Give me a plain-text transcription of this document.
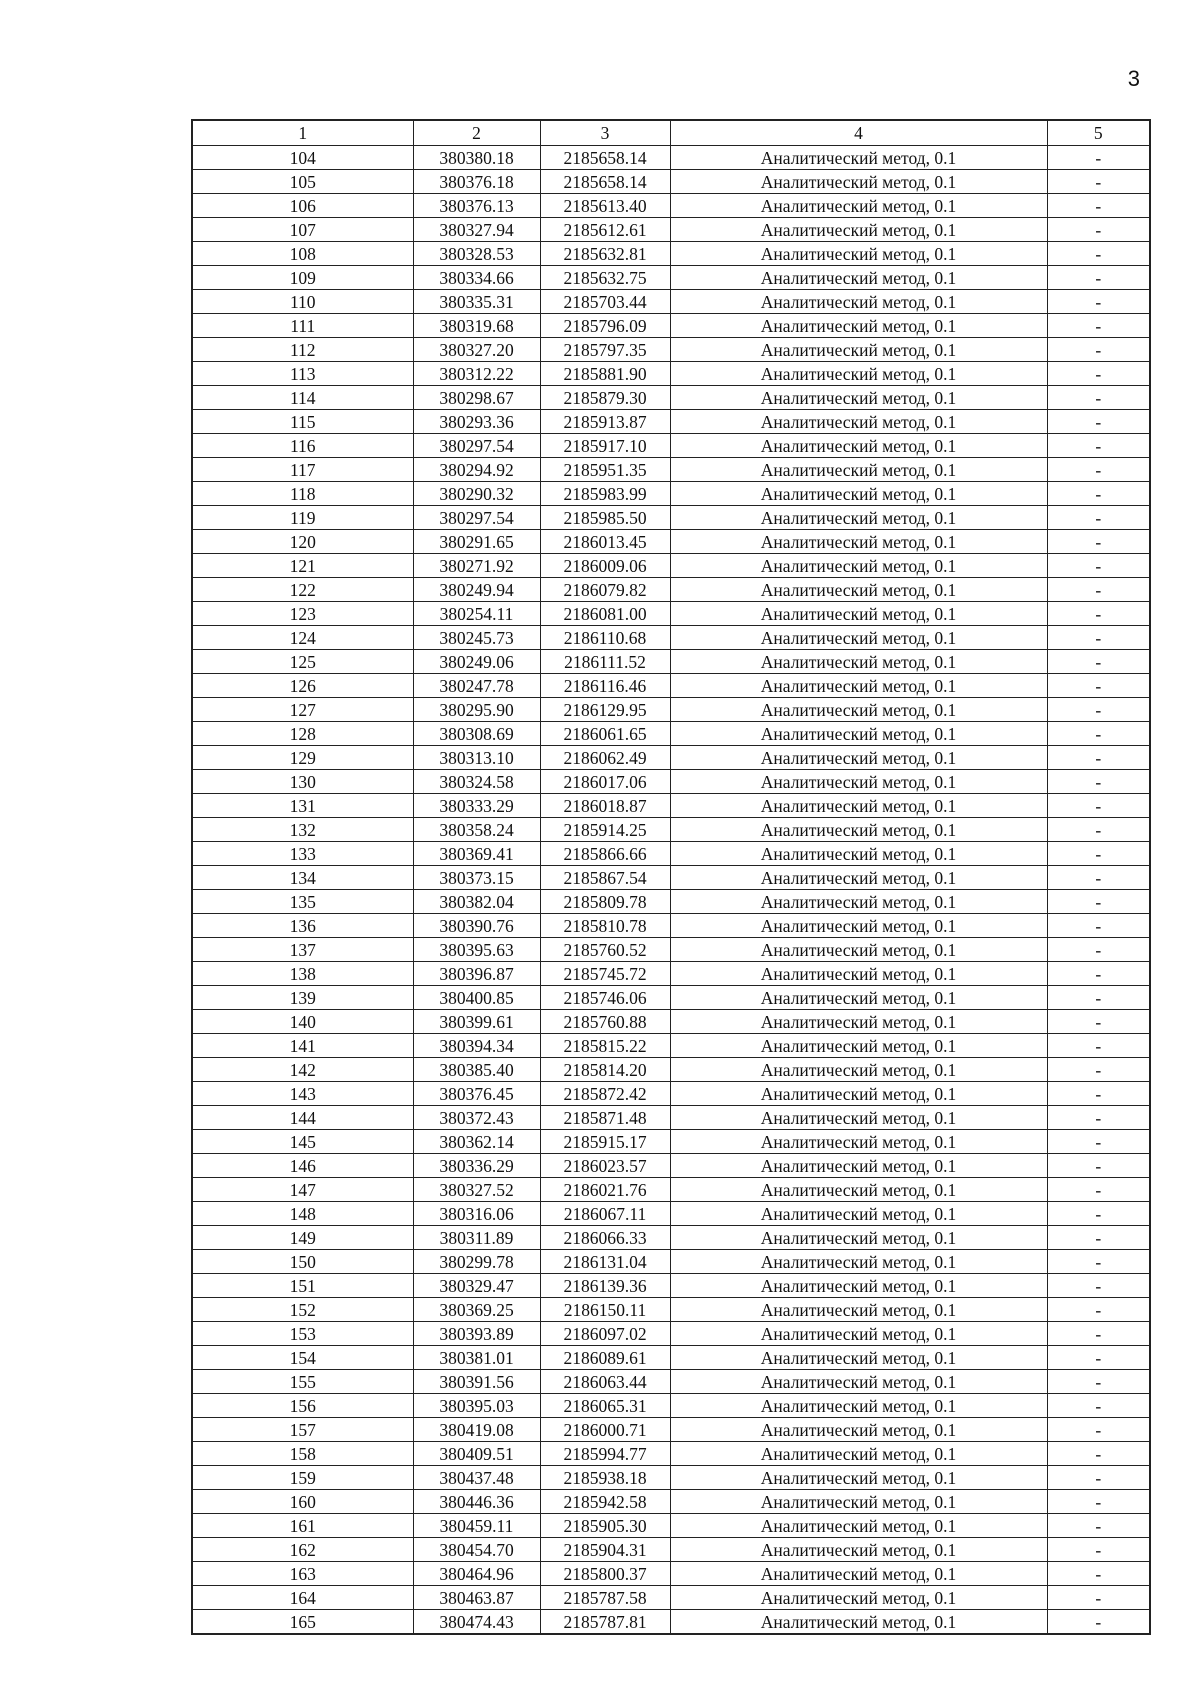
3
1	2	3	4	5
104	380380.18	2185658.14	Аналитический метод, 0.1	-
105	380376.18	2185658.14	Аналитический метод, 0.1	-
106	380376.13	2185613.40	Аналитический метод, 0.1	-
107	380327.94	2185612.61	Аналитический метод, 0.1	-
108	380328.53	2185632.81	Аналитический метод, 0.1	-
109	380334.66	2185632.75	Аналитический метод, 0.1	-
110	380335.31	2185703.44	Аналитический метод, 0.1	-
111	380319.68	2185796.09	Аналитический метод, 0.1	-
112	380327.20	2185797.35	Аналитический метод, 0.1	-
113	380312.22	2185881.90	Аналитический метод, 0.1	-
114	380298.67	2185879.30	Аналитический метод, 0.1	-
115	380293.36	2185913.87	Аналитический метод, 0.1	-
116	380297.54	2185917.10	Аналитический метод, 0.1	-
117	380294.92	2185951.35	Аналитический метод, 0.1	-
118	380290.32	2185983.99	Аналитический метод, 0.1	-
119	380297.54	2185985.50	Аналитический метод, 0.1	-
120	380291.65	2186013.45	Аналитический метод, 0.1	-
121	380271.92	2186009.06	Аналитический метод, 0.1	-
122	380249.94	2186079.82	Аналитический метод, 0.1	-
123	380254.11	2186081.00	Аналитический метод, 0.1	-
124	380245.73	2186110.68	Аналитический метод, 0.1	-
125	380249.06	2186111.52	Аналитический метод, 0.1	-
126	380247.78	2186116.46	Аналитический метод, 0.1	-
127	380295.90	2186129.95	Аналитический метод, 0.1	-
128	380308.69	2186061.65	Аналитический метод, 0.1	-
129	380313.10	2186062.49	Аналитический метод, 0.1	-
130	380324.58	2186017.06	Аналитический метод, 0.1	-
131	380333.29	2186018.87	Аналитический метод, 0.1	-
132	380358.24	2185914.25	Аналитический метод, 0.1	-
133	380369.41	2185866.66	Аналитический метод, 0.1	-
134	380373.15	2185867.54	Аналитический метод, 0.1	-
135	380382.04	2185809.78	Аналитический метод, 0.1	-
136	380390.76	2185810.78	Аналитический метод, 0.1	-
137	380395.63	2185760.52	Аналитический метод, 0.1	-
138	380396.87	2185745.72	Аналитический метод, 0.1	-
139	380400.85	2185746.06	Аналитический метод, 0.1	-
140	380399.61	2185760.88	Аналитический метод, 0.1	-
141	380394.34	2185815.22	Аналитический метод, 0.1	-
142	380385.40	2185814.20	Аналитический метод, 0.1	-
143	380376.45	2185872.42	Аналитический метод, 0.1	-
144	380372.43	2185871.48	Аналитический метод, 0.1	-
145	380362.14	2185915.17	Аналитический метод, 0.1	-
146	380336.29	2186023.57	Аналитический метод, 0.1	-
147	380327.52	2186021.76	Аналитический метод, 0.1	-
148	380316.06	2186067.11	Аналитический метод, 0.1	-
149	380311.89	2186066.33	Аналитический метод, 0.1	-
150	380299.78	2186131.04	Аналитический метод, 0.1	-
151	380329.47	2186139.36	Аналитический метод, 0.1	-
152	380369.25	2186150.11	Аналитический метод, 0.1	-
153	380393.89	2186097.02	Аналитический метод, 0.1	-
154	380381.01	2186089.61	Аналитический метод, 0.1	-
155	380391.56	2186063.44	Аналитический метод, 0.1	-
156	380395.03	2186065.31	Аналитический метод, 0.1	-
157	380419.08	2186000.71	Аналитический метод, 0.1	-
158	380409.51	2185994.77	Аналитический метод, 0.1	-
159	380437.48	2185938.18	Аналитический метод, 0.1	-
160	380446.36	2185942.58	Аналитический метод, 0.1	-
161	380459.11	2185905.30	Аналитический метод, 0.1	-
162	380454.70	2185904.31	Аналитический метод, 0.1	-
163	380464.96	2185800.37	Аналитический метод, 0.1	-
164	380463.87	2185787.58	Аналитический метод, 0.1	-
165	380474.43	2185787.81	Аналитический метод, 0.1	-
